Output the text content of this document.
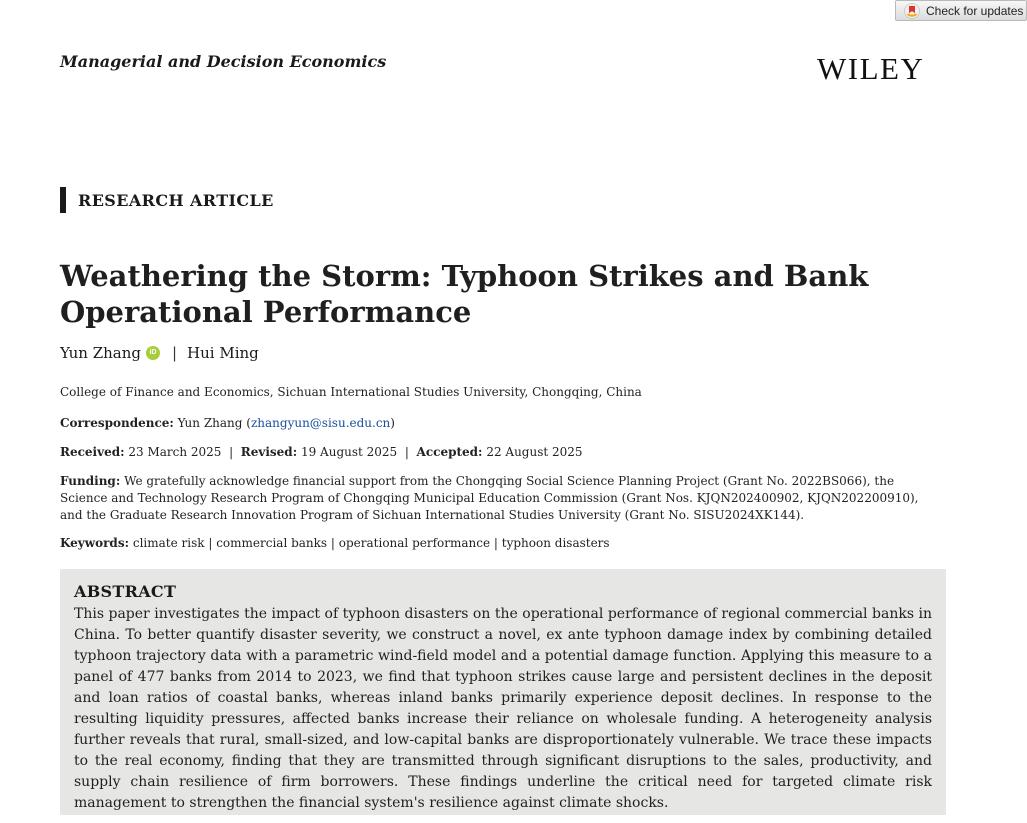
Check for updates
Managerial and Decision Economics	WILEY
RESEARCH ARTICLE
Weathering the Storm: Typhoon Strikes and Bank Operational Performance
Yun Zhang	iD | Hui Ming
College of Finance and Economics, Sichuan International Studies University, Chongqing, China
Correspondence: Yun Zhang (zhangyun@sisu.edu.cn)
Received: 23 March 2025 | Revised: 19 August 2025 | Accepted: 22 August 2025
Funding: We gratefully acknowledge financial support from the Chongqing Social Science Planning Project (Grant No. 2022BS066), the Science and Technology Research Program of Chongqing Municipal Education Commission (Grant Nos. KJQN202400902, KJQN202200910), and the Graduate Research Innovation Program of Sichuan International Studies University (Grant No. SISU2024XK144).
Keywords: climate risk | commercial banks | operational performance | typhoon disasters
ABSTRACT

This paper investigates the impact of typhoon disasters on the operational performance of regional commercial banks in China. To better quantify disaster severity, we construct a novel, ex ante typhoon damage index by combining detailed typhoon trajectory data with a parametric wind-field model and a potential damage function. Applying this measure to a panel of 477 banks from 2014 to 2023, we find that typhoon strikes cause large and persistent declines in the deposit and loan ratios of coastal banks, whereas inland banks primarily experience deposit declines. In response to the resulting liquidity pressures, affected banks increase their reliance on wholesale funding. A heterogeneity analysis further reveals that rural, small-sized, and low-capital banks are disproportionately vulnerable. We trace these impacts to the real economy, finding that they are transmitted through significant disruptions to the sales, productivity, and supply chain resilience of firm borrowers. These findings underline the critical need for targeted climate risk management to strengthen the financial system's resilience against climate shocks.
